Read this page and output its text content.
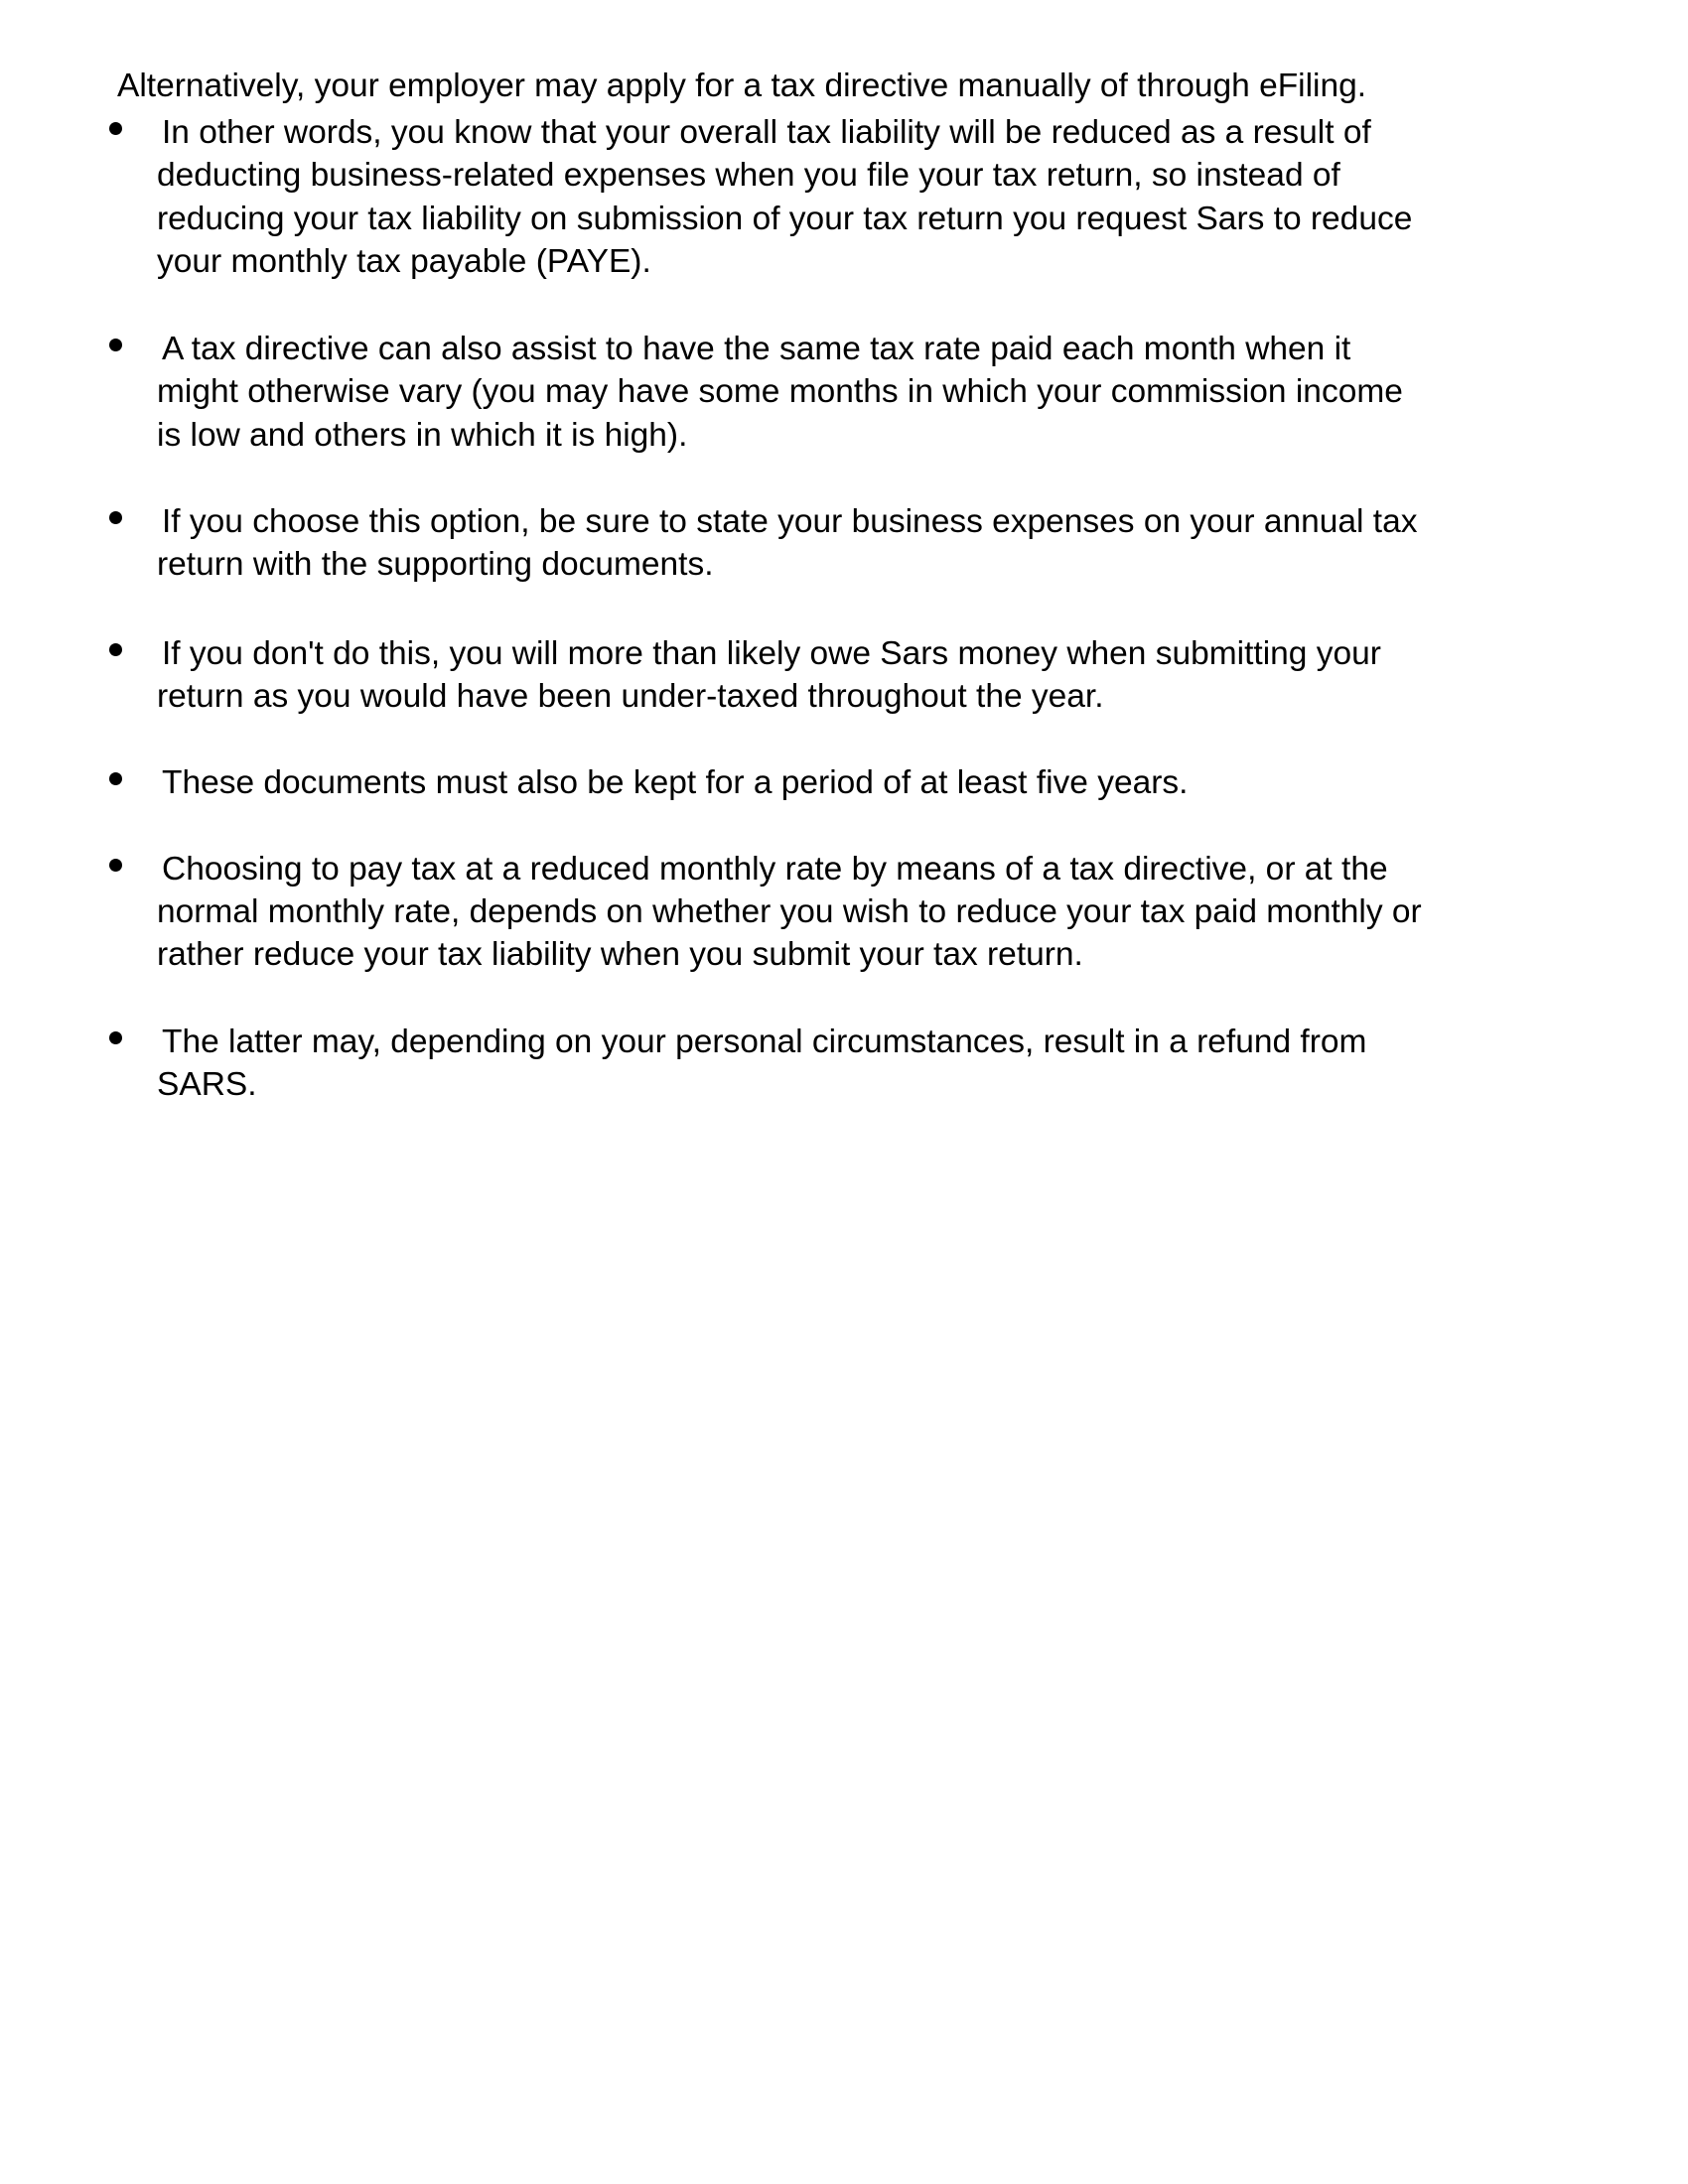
Alternatively, your employer may apply for a tax directive manually of through eFiling.
In other words, you know that your overall tax liability will be reduced as a result of
deducting business-related expenses when you file your tax return, so instead of
reducing your tax liability on submission of your tax return you request Sars to reduce
your monthly tax payable (PAYE).
A tax directive can also assist to have the same tax rate paid each month when it
might otherwise vary (you may have some months in which your commission income
is low and others in which it is high).
If you choose this option, be sure to state your business expenses on your annual tax
return with the supporting documents.
If you don't do this, you will more than likely owe Sars money when submitting your
return as you would have been under-taxed throughout the year.
These documents must also be kept for a period of at least five years.
Choosing to pay tax at a reduced monthly rate by means of a tax directive, or at the
normal monthly rate, depends on whether you wish to reduce your tax paid monthly or
rather reduce your tax liability when you submit your tax return.
The latter may, depending on your personal circumstances, result in a refund from
SARS.
